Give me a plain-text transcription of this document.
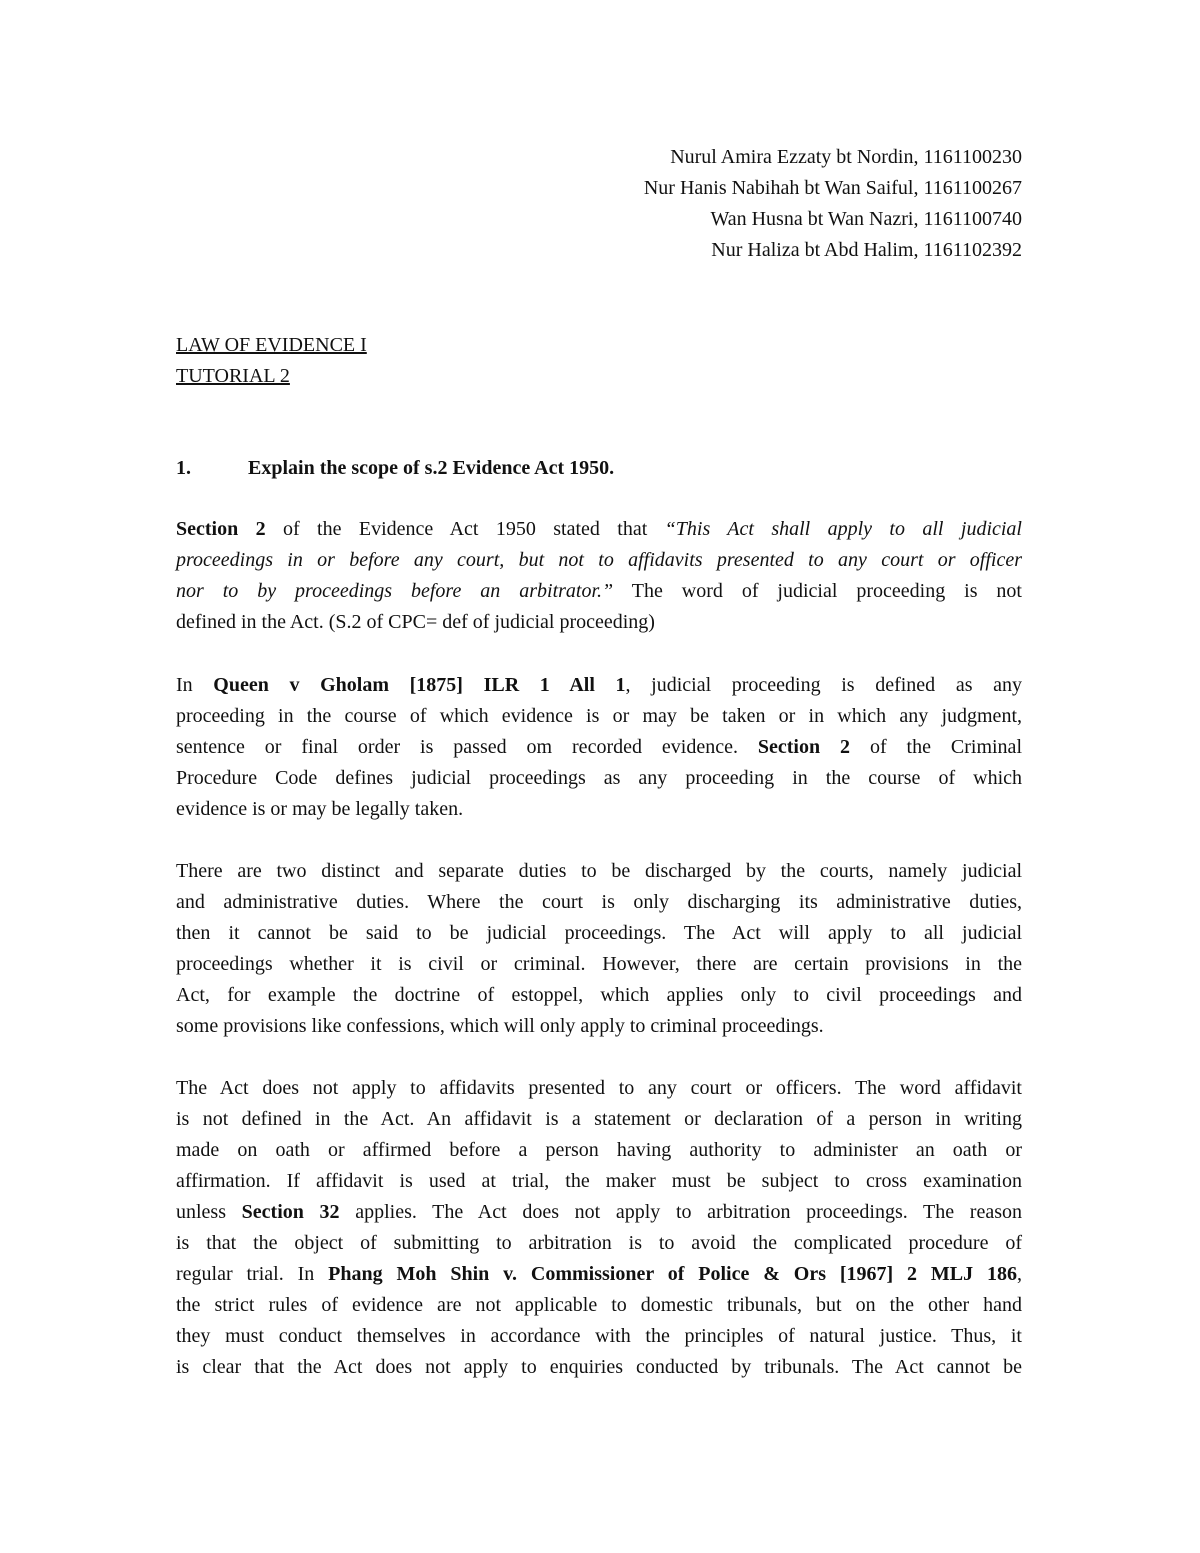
Nurul Amira Ezzaty bt Nordin, 1161100230
Nur Hanis Nabihah bt Wan Saiful, 1161100267
Wan Husna bt Wan Nazri, 1161100740
Nur Haliza bt Abd Halim, 1161102392
LAW OF EVIDENCE I
TUTORIAL 2
1.	Explain the scope of s.2 Evidence Act 1950.
Section 2 of the Evidence Act 1950 stated that “This Act shall apply to all judicial
proceedings in or before any court, but not to affidavits presented to any court or officer
nor to by proceedings before an arbitrator.” The word of judicial proceeding is not
defined in the Act. (S.2 of CPC= def of judicial proceeding)
In Queen v Gholam [1875] ILR 1 All 1, judicial proceeding is defined as any
proceeding in the course of which evidence is or may be taken or in which any judgment,
sentence or final order is passed om recorded evidence. Section 2 of the Criminal
Procedure Code defines judicial proceedings as any proceeding in the course of which
evidence is or may be legally taken.
There are two distinct and separate duties to be discharged by the courts, namely judicial
and administrative duties. Where the court is only discharging its administrative duties,
then it cannot be said to be judicial proceedings. The Act will apply to all judicial
proceedings whether it is civil or criminal. However, there are certain provisions in the
Act, for example the doctrine of estoppel, which applies only to civil proceedings and
some provisions like confessions, which will only apply to criminal proceedings.
The Act does not apply to affidavits presented to any court or officers. The word affidavit
is not defined in the Act. An affidavit is a statement or declaration of a person in writing
made on oath or affirmed before a person having authority to administer an oath or
affirmation. If affidavit is used at trial, the maker must be subject to cross examination
unless Section 32 applies. The Act does not apply to arbitration proceedings. The reason
is that the object of submitting to arbitration is to avoid the complicated procedure of
regular trial. In Phang Moh Shin v. Commissioner of Police & Ors [1967] 2 MLJ 186,
the strict rules of evidence are not applicable to domestic tribunals, but on the other hand
they must conduct themselves in accordance with the principles of natural justice. Thus, it
is clear that the Act does not apply to enquiries conducted by tribunals. The Act cannot be
